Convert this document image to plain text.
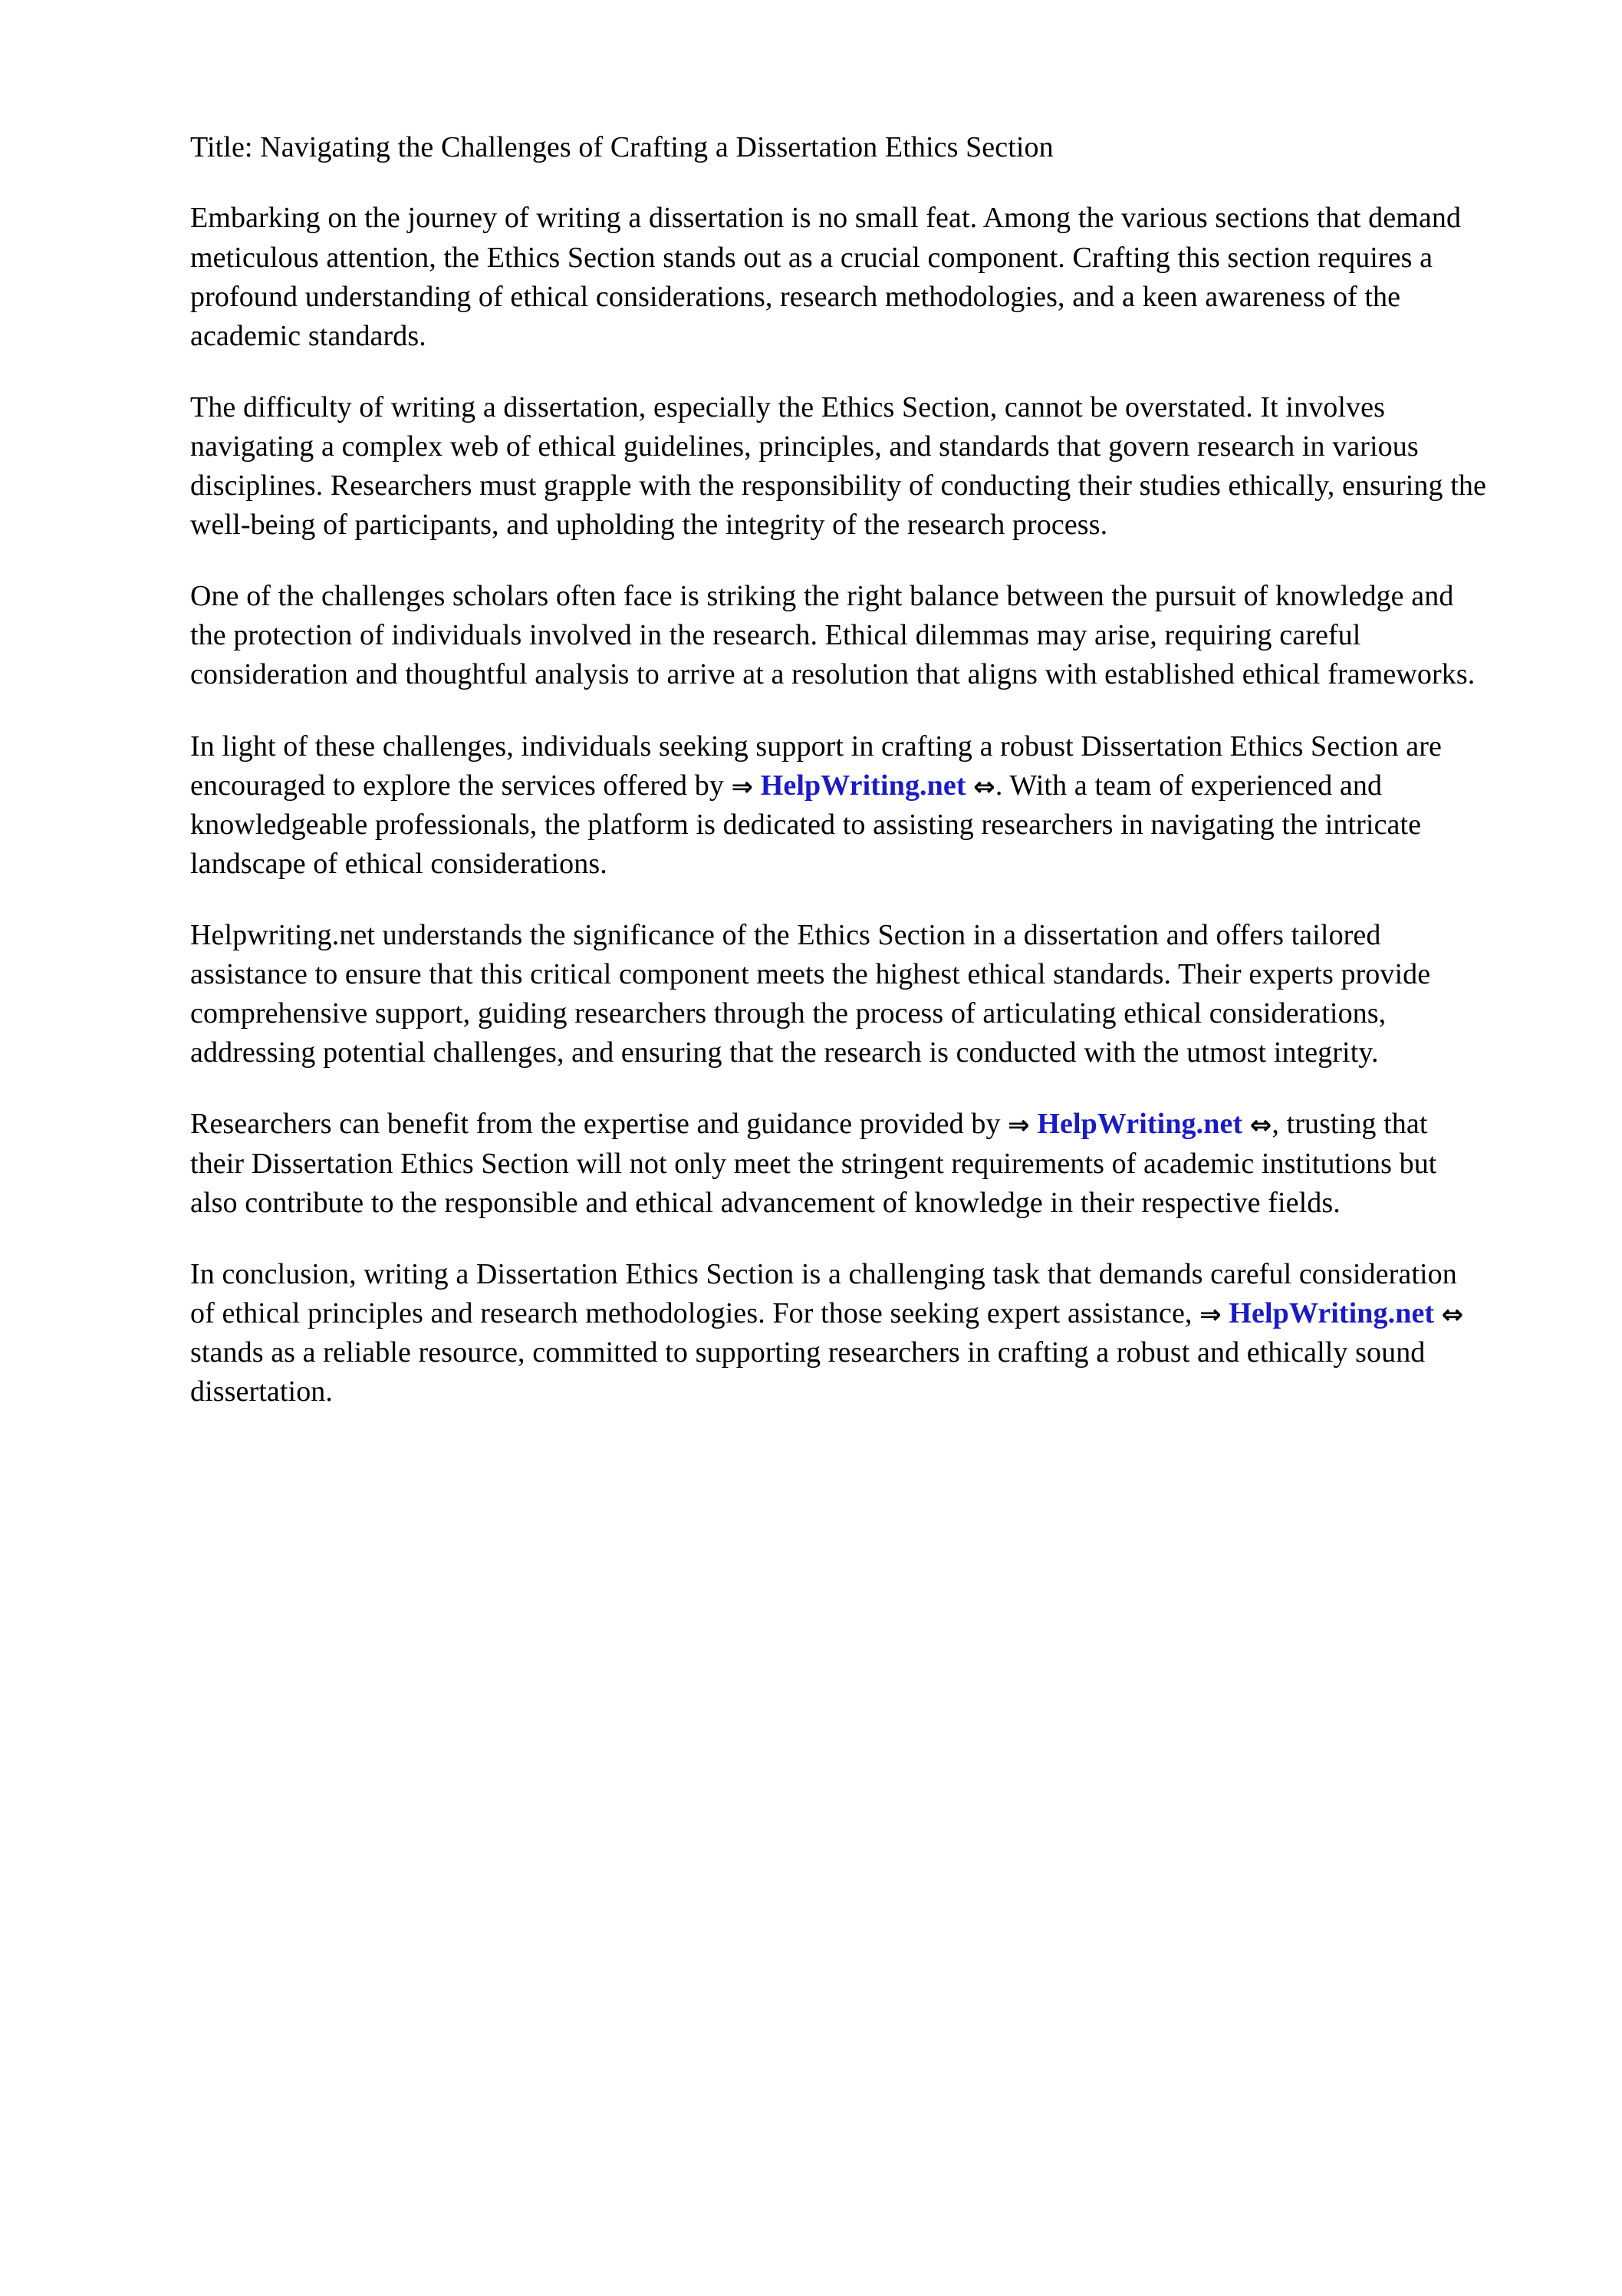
Title: Navigating the Challenges of Crafting a Dissertation Ethics Section

Embarking on the journey of writing a dissertation is no small feat. Among the various sections that demand meticulous attention, the Ethics Section stands out as a crucial component. Crafting this section requires a profound understanding of ethical considerations, research methodologies, and a keen awareness of the academic standards.

The difficulty of writing a dissertation, especially the Ethics Section, cannot be overstated. It involves navigating a complex web of ethical guidelines, principles, and standards that govern research in various disciplines. Researchers must grapple with the responsibility of conducting their studies ethically, ensuring the well-being of participants, and upholding the integrity of the research process.

One of the challenges scholars often face is striking the right balance between the pursuit of knowledge and the protection of individuals involved in the research. Ethical dilemmas may arise, requiring careful consideration and thoughtful analysis to arrive at a resolution that aligns with established ethical frameworks.

In light of these challenges, individuals seeking support in crafting a robust Dissertation Ethics Section are encouraged to explore the services offered by ⇒ HelpWriting.net ⇔. With a team of experienced and knowledgeable professionals, the platform is dedicated to assisting researchers in navigating the intricate landscape of ethical considerations.

Helpwriting.net understands the significance of the Ethics Section in a dissertation and offers tailored assistance to ensure that this critical component meets the highest ethical standards. Their experts provide comprehensive support, guiding researchers through the process of articulating ethical considerations, addressing potential challenges, and ensuring that the research is conducted with the utmost integrity.

Researchers can benefit from the expertise and guidance provided by ⇒ HelpWriting.net ⇔, trusting that their Dissertation Ethics Section will not only meet the stringent requirements of academic institutions but also contribute to the responsible and ethical advancement of knowledge in their respective fields.

In conclusion, writing a Dissertation Ethics Section is a challenging task that demands careful consideration of ethical principles and research methodologies. For those seeking expert assistance, ⇒ HelpWriting.net ⇔ stands as a reliable resource, committed to supporting researchers in crafting a robust and ethically sound dissertation.
